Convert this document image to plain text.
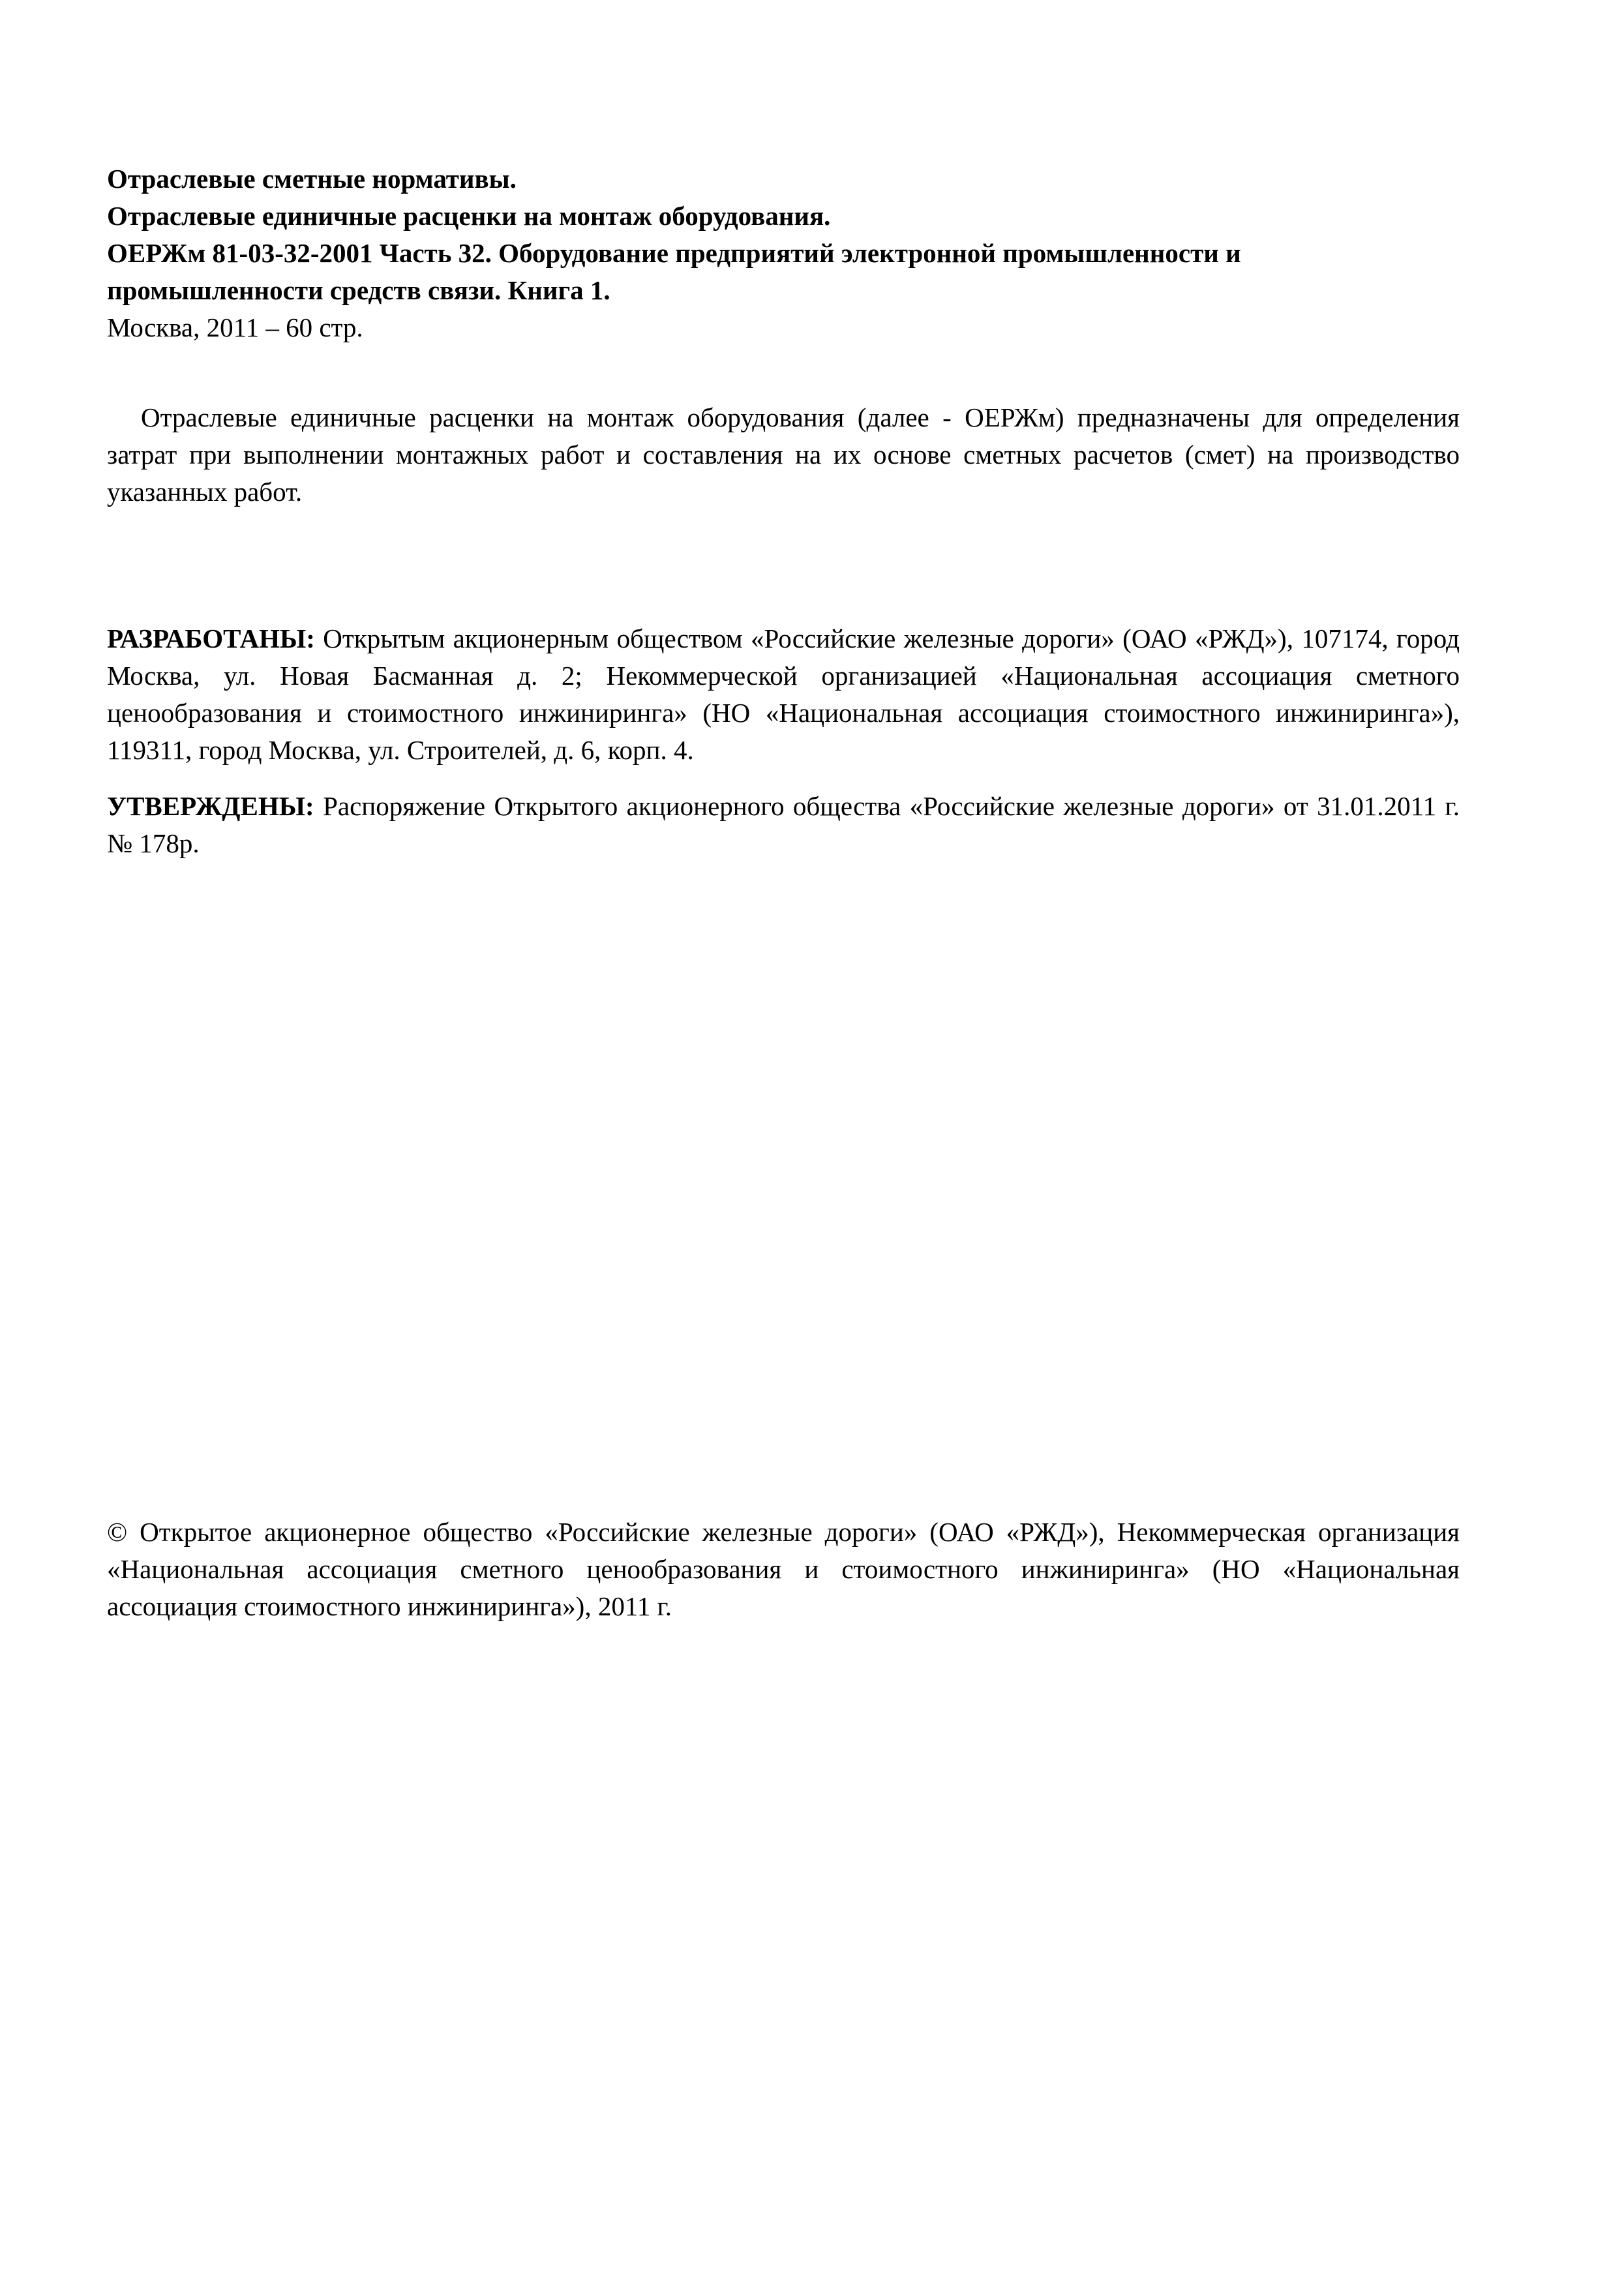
Отраслевые сметные нормативы.

Отраслевые единичные расценки на монтаж оборудования.

ОЕРЖм 81-03-32-2001 Часть 32. Оборудование предприятий электронной промышленности и промышленности средств связи. Книга 1.

Москва, 2011 – 60 стр.

Отраслевые единичные расценки на монтаж оборудования (далее - ОЕРЖм) предназначены для определения затрат при выполнении монтажных работ и составления на их основе сметных расчетов (смет) на производство указанных работ.

РАЗРАБОТАНЫ: Открытым акционерным обществом «Российские железные дороги» (ОАО «РЖД»), 107174, город Москва, ул. Новая Басманная д. 2; Некоммерческой организацией «Национальная ассоциация сметного ценообразования и стоимостного инжиниринга» (НО «Национальная ассоциация стоимостного инжиниринга»), 119311, город Москва, ул. Строителей, д. 6, корп. 4.

УТВЕРЖДЕНЫ: Распоряжение Открытого акционерного общества «Российские железные дороги» от 31.01.2011 г. № 178р.

© Открытое акционерное общество «Российские железные дороги» (ОАО «РЖД»), Некоммерческая организация «Национальная ассоциация сметного ценообразования и стоимостного инжиниринга» (НО «Национальная ассоциация стоимостного инжиниринга»), 2011 г.
